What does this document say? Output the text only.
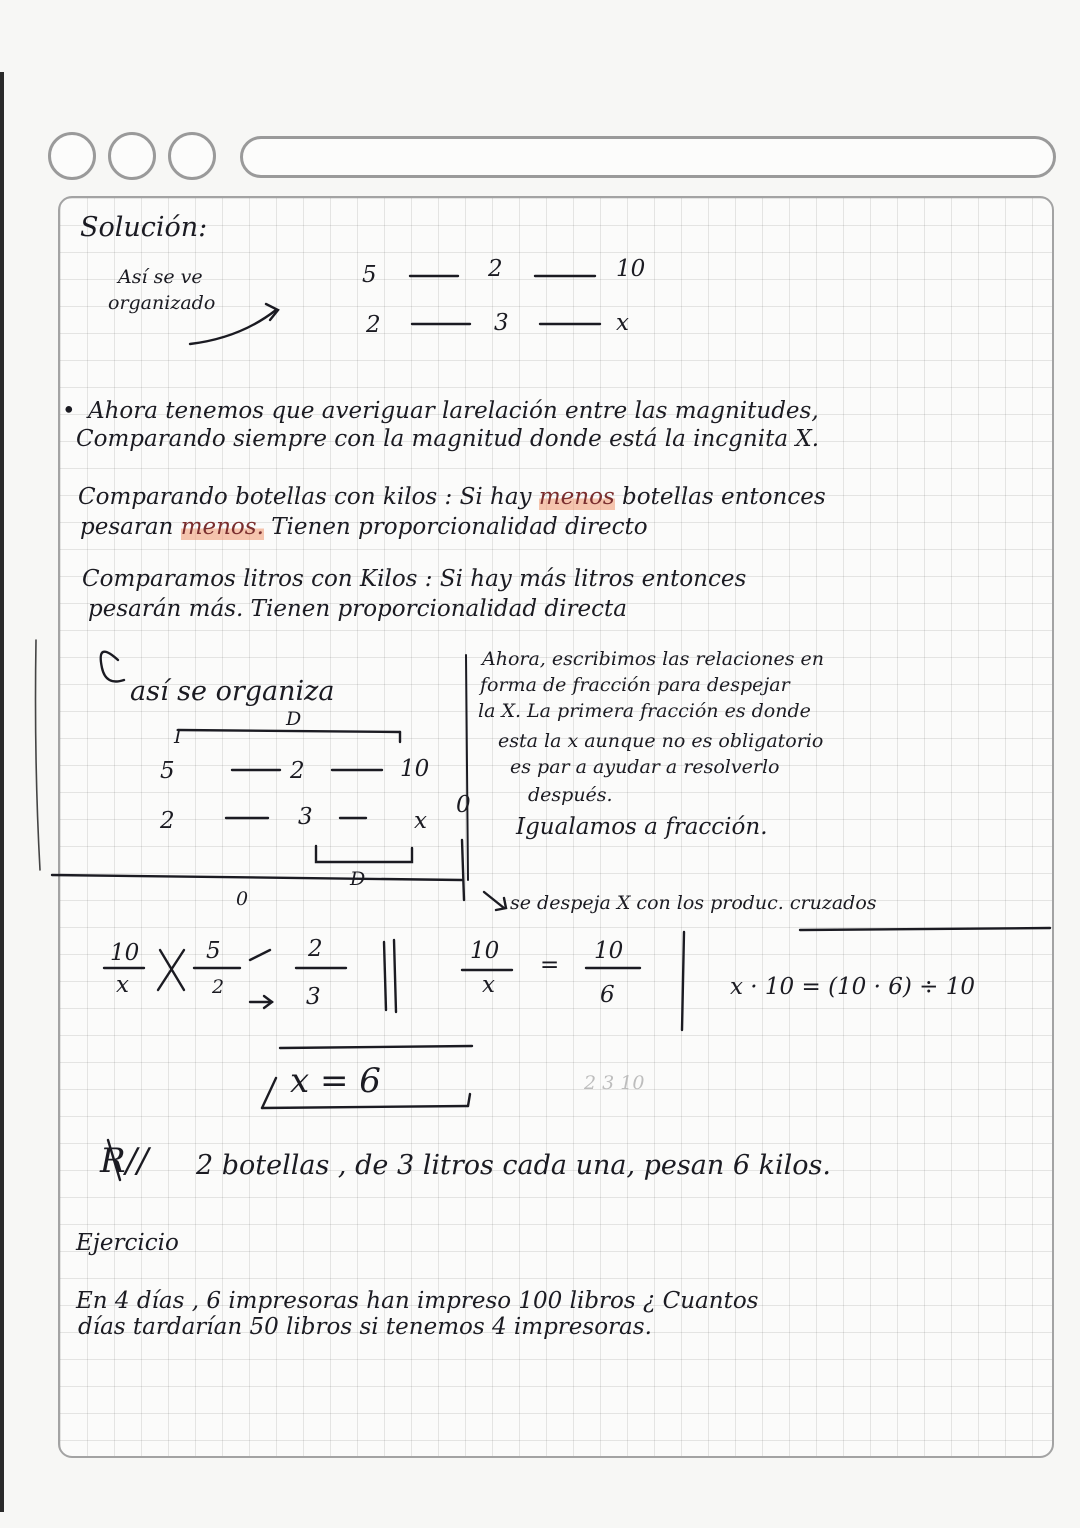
Solución:
Así se ve
organizado
5	2	10
2	3	x
• Ahora tenemos que averiguar larelación entre las magnitudes,
Comparando siempre con la magnitud donde está la incgnita X.
Comparando botellas con kilos : Si hay menos botellas entonces
pesaran menos. Tienen proporcionalidad directo
Comparamos litros con Kilos : Si hay más litros entonces
pesarán más. Tienen proporcionalidad directa
así se organiza
D
I
5	2	10
2	3	x
0
D
0
Ahora, escribimos las relaciones en
forma de fracción para despejar
la X. La primera fracción es donde
esta la x aunque no es obligatorio
es par a ayudar a resolverlo
después.
Igualamos a fracción.
se despeja X con los produc. cruzados
10
x
5
2
2
3
10
x
=
10
6	x · 10 = (10 · 6) ÷ 10
x = 6	2 3 10
R// 2 botellas , de 3 litros cada una, pesan 6 kilos.
Ejercicio
En 4 días , 6 impresoras han impreso 100 libros ¿ Cuantos
días tardarían 50 libros si tenemos 4 impresoras.
